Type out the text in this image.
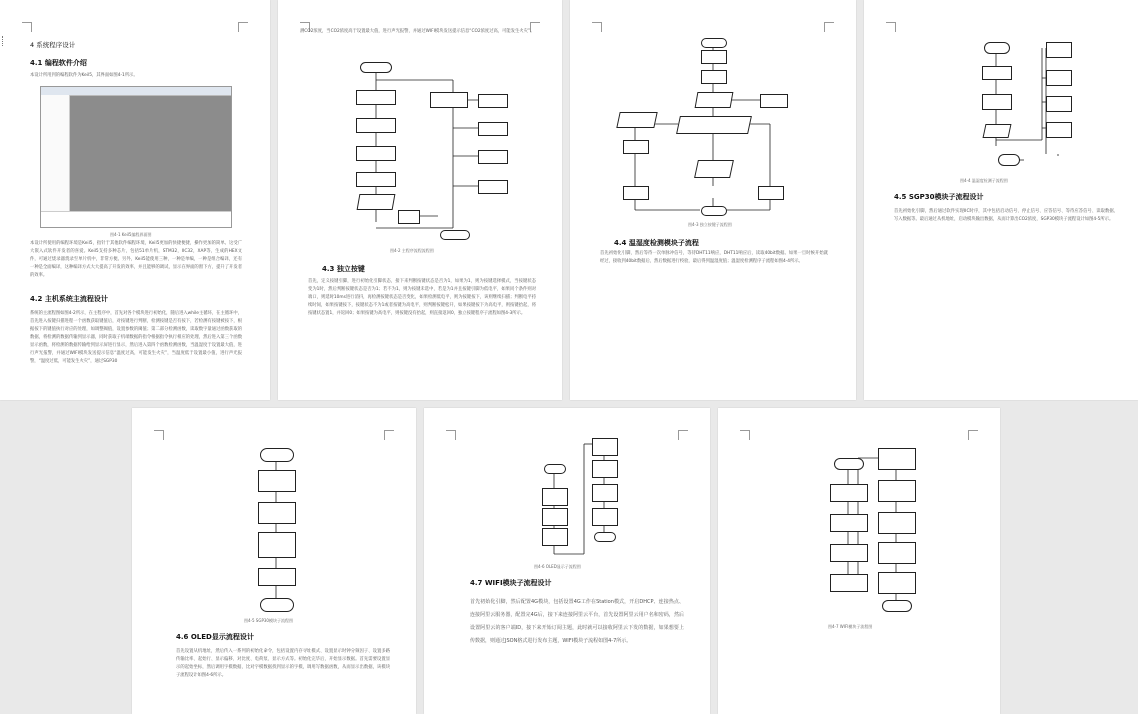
4 系统程序设计
4.1 编程软件介绍
本设计所用到的编程软件为Keil5，其界面如图4-1所示。
图4-1 Keil5编程界面图
本设计所使用的编程环境是Keil5，指针于其他软件编程环境，Keil5更加的快捷便捷，操作更加的简单。这受广大嵌入式软件开发者的喜爱。Keil5支持多种芯片，包括51单片机，STM32，IIC32，XAP等，生成的HEX文件，可通过烧录器烧录至单片机中，非常方便。另外，Keil5能使用三种，一种是单编，一种是组合编译，还有一种是全面编译，这种编译方式大大提高了开发的效率，并且能够的调试，显示在界面的窗下方，提升了开发者的效率。
4.2 主机系统主流程设计
系统的主流程图如图4-2所示，在主程序中，首先对各个模块进行初始化，随后进入while主循环，在主循环中，首先进入按键扫描进程一个函数获取键值后，对按键进行判断，检测按键是否有按下，若检测有按键被按下，根据按下的键值执行对应的处理，如调整阈值，设置参数的阈值；第二部分检测函数，读取数字量通过函数获取的数据，将检测的数据传输到显示器，同时获取子机端数据的指令根据指令执行相应的处理，然后进入第三个函数显示函数，将检测的数据传输给到显示屏进行显示，然后进入第四个函数检测函数，当温湿度于设置最大值，进行声光报警，并通过WIFI模块发送提示信息“温度过高，可能发生火灾”，当温度低于设置最小值，进行声光报警，“温度过低，可能发生火灾”，通过SGP30
测CO2浓度，当CO2浓度高于设置最大值，进行声光报警，并通过WIFI模块发送提示信息“CO2浓度过高，可能发生火灾”。
图4-2 主程序流程流程图
4.3 独立按键
首先，定义按键引脚，进行初始化引脚状态，接下来判断按键状态是否为1，如果为1，则为按键选择模式，当按键状态变为1时，然后判断按键状态是否为1；若不为1，则为按键未选中，若是为1并且按键引脚为低电平，如果同个条件则对端口，则延时10ms进行消抖，再检测按键状态是否变化，如果检测低电平，则为按键按下，该则继续扫描；判断电平持续时间，如果按键按下，按键状态不为1或者按键为高电平，则判断按键松开，如果按键按下为高电平，则按键抬起，将按键状态置1，并返回0；如果按键为高电平，则按键没有抬起，则直接返回0，独立按键程序子流程如图4-3所示。
图4-3 独立按键子流程图
4.4 温湿度检测模块子流程
首先初始化引脚，然后等待一次单脉冲信号，等待DHT11响应，DHT11响应后，读取40bit数据。如果一旦时候开始就经过，接收到40bit数据后，然后数据进行校验，最后得到温湿度值；温湿度检测程序子流程如图4-4所示。
图4-4 温湿度检测子流程图
4.5 SGP30模块子流程设计
首先初始化引脚，然后通过软件实现IIC时序，其中包括启动信号、停止信号、应答信号、等待应答信号、读取数据、写入数据等。最后通过从机地址，启动模块输出数据，从而计算出CO2浓度，SGP30模块子流程设计如图4-5所示。
图4-5 SGP30模块子流程图
4.6 OLED显示流程设计
首先设置从机地址，然后传入一系列的初始化命令，包括设置内存寻址模式、设置显示时钟分频因子、设置多路传输比率、起始行、显示偏移、对比度、电荷泵、显示方式等。初始化完毕后，开始显示数据。首先需要设置显示的起始坐标，然后调用字模数据，比对字模数据找到显示的字模，调用写数据函数，从而显示出数据，该模块子流程设计如图4-6所示。
图4-6 OLED显示子流程图
4.7 WIFI模块子流程设计
首先初始化引脚，然后配置4G模块，包括设置4G工作在Station模式，开启DHCP、连接热点、连接阿里云服务器，配置完4G后，接下来连接阿里云平台，首先设置阿里云用户名和密码，然后设置阿里云的客户端ID，接下来开始订阅主题，此时就可以接收阿里云下发的数据，如果想要上传数据，则通过JSON格式进行发布主题，WIFI模块子流程如图4-7所示。
图4-7 WIFI模块子流程图
